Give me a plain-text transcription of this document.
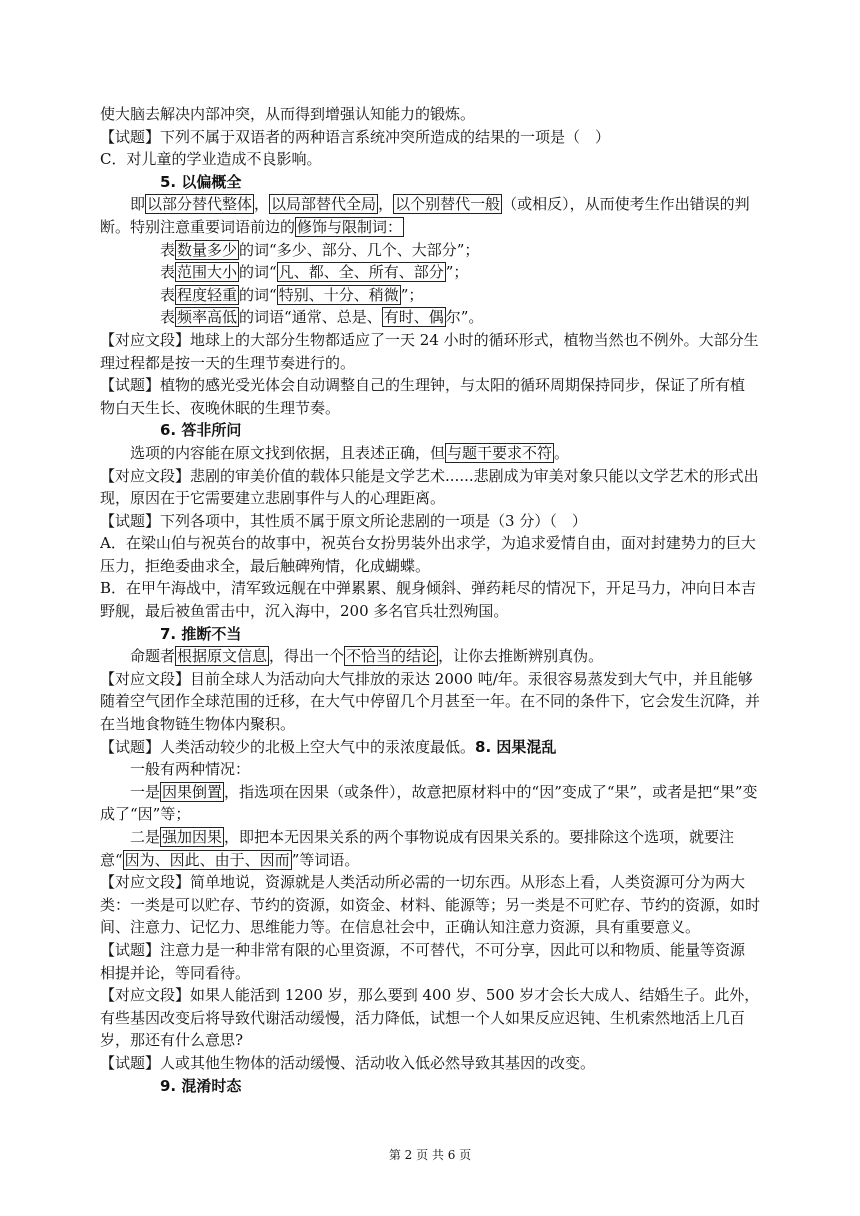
使大脑去解决内部冲突，从而得到增强认知能力的锻炼。

【试题】下列不属于双语者的两种语言系统冲突所造成的结果的一项是（　）

C．对儿童的学业造成不良影响。

5. 以偏概全

即 以部分替代整体 ， 以局部替代全局 ， 以个别替代一般 （或相反），从而使考生作出错误的判断。特别注意重要词语前边的 修饰与限制词：

表 数量多少 的词“多少、部分、几个、大部分”；

表 范围大小 的词“ 凡、都、全、所有、部分 ”；

表 程度轻重 的词“ 特别、十分、稍微 ”；

表 频率高低 的词语“通常、总是、 有时、偶 尔”。

【对应文段】地球上的大部分生物都适应了一天 24 小时的循环形式，植物当然也不例外。大部分生理过程都是按一天的生理节奏进行的。

【试题】植物的感光受光体会自动调整自己的生理钟，与太阳的循环周期保持同步，保证了所有植物白天生长、夜晚休眠的生理节奏。

6. 答非所问

选项的内容能在原文找到依据，且表述正确，但 与题干要求不符 。

【对应文段】悲剧的审美价值的载体只能是文学艺术......悲剧成为审美对象只能以文学艺术的形式出现，原因在于它需要建立悲剧事件与人的心理距离。

【试题】下列各项中，其性质不属于原文所论悲剧的一项是（3 分）（　）

A．在梁山伯与祝英台的故事中，祝英台女扮男装外出求学，为追求爱情自由，面对封建势力的巨大压力，拒绝委曲求全，最后触碑殉情，化成蝴蝶。

B．在甲午海战中，清军致远舰在中弹累累、舰身倾斜、弹药耗尽的情况下，开足马力，冲向日本吉野舰，最后被鱼雷击中，沉入海中，200 多名官兵壮烈殉国。

7. 推断不当

命题者 根据原文信息 ，得出一个 不恰当的结论 ，让你去推断辨别真伪。

【对应文段】目前全球人为活动向大气排放的汞达 2000 吨/年。汞很容易蒸发到大气中，并且能够随着空气团作全球范围的迁移，在大气中停留几个月甚至一年。在不同的条件下，它会发生沉降，并在当地食物链生物体内聚积。

【试题】人类活动较少的北极上空大气中的汞浓度最低。8. 因果混乱

一般有两种情况：

一是 因果倒置 ，指选项在因果（或条件），故意把原材料中的“因”变成了“果”，或者是把“果”变成了“因”等；

二是 强加因果 ，即把本无因果关系的两个事物说成有因果关系的。要排除这个选项，就要注意“ 因为、因此、由于、因而 ”等词语。

【对应文段】简单地说，资源就是人类活动所必需的一切东西。从形态上看，人类资源可分为两大类：一类是可以贮存、节约的资源，如资金、材料、能源等；另一类是不可贮存、节约的资源，如时间、注意力、记忆力、思维能力等。在信息社会中，正确认知注意力资源，具有重要意义。

【试题】注意力是一种非常有限的心里资源，不可替代，不可分享，因此可以和物质、能量等资源相提并论，等同看待。

【对应文段】如果人能活到 1200 岁，那么要到 400 岁、500 岁才会长大成人、结婚生子。此外，有些基因改变后将导致代谢活动缓慢，活力降低，试想一个人如果反应迟钝、生机索然地活上几百岁，那还有什么意思?

【试题】人或其他生物体的活动缓慢、活动收入低必然导致其基因的改变。

9. 混淆时态

第 2 页 共 6 页
